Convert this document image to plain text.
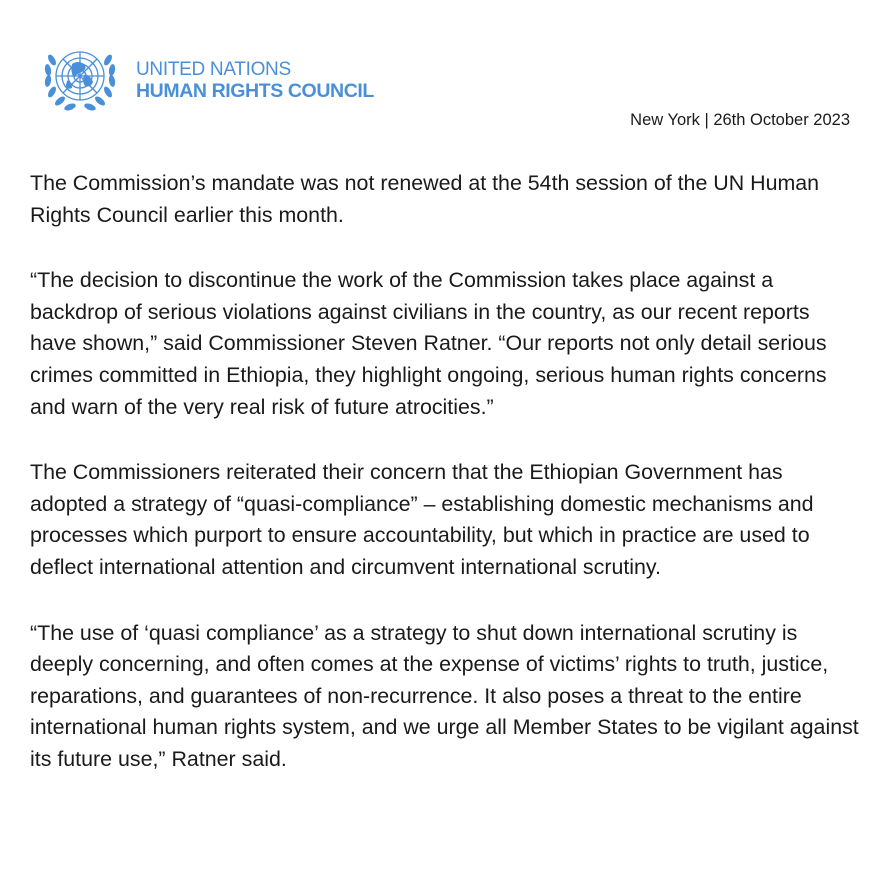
UNITED NATIONS
HUMAN RIGHTS COUNCIL
New York | 26th October 2023

The Commission’s mandate was not renewed at the 54th session of the UN Human Rights Council earlier this month.

“The decision to discontinue the work of the Commission takes place against a backdrop of serious violations against civilians in the country, as our recent reports have shown,” said Commissioner Steven Ratner. “Our reports not only detail serious crimes committed in Ethiopia, they highlight ongoing, serious human rights concerns and warn of the very real risk of future atrocities.”

The Commissioners reiterated their concern that the Ethiopian Government has adopted a strategy of “quasi-compliance” – establishing domestic mechanisms and processes which purport to ensure accountability, but which in practice are used to deflect international attention and circumvent international scrutiny.

“The use of ‘quasi compliance’ as a strategy to shut down international scrutiny is deeply concerning, and often comes at the expense of victims’ rights to truth, justice, reparations, and guarantees of non-recurrence. It also poses a threat to the entire international human rights system, and we urge all Member States to be vigilant against its future use,” Ratner said.
